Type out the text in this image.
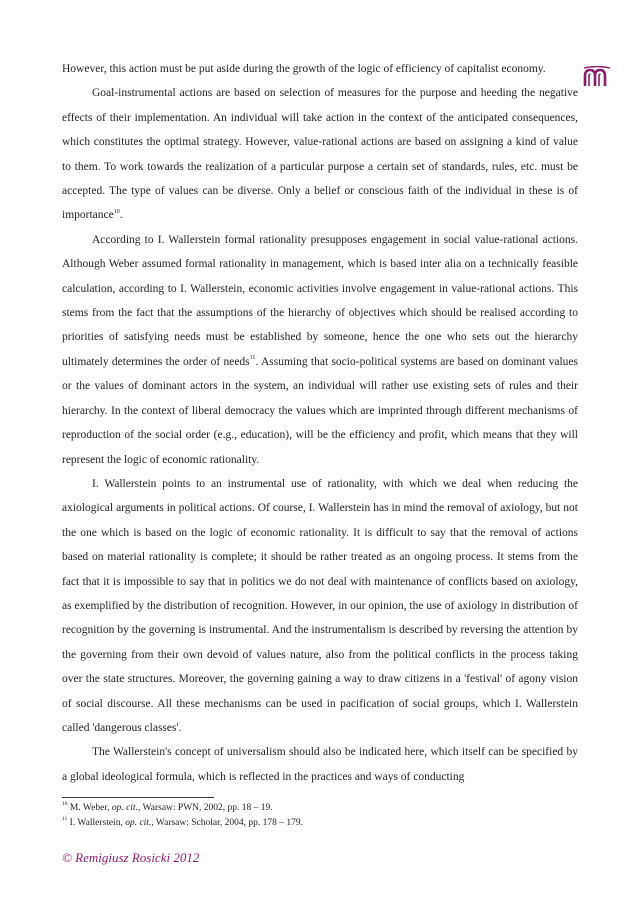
However, this action must be put aside during the growth of the logic of efficiency of capitalist economy.

Goal-instrumental actions are based on selection of measures for the purpose and heeding the negative effects of their implementation. An individual will take action in the context of the anticipated consequences, which constitutes the optimal strategy. However, value-rational actions are based on assigning a kind of value to them. To work towards the realization of a particular purpose a certain set of standards, rules, etc. must be accepted. The type of values can be diverse. Only a belief or conscious faith of the individual in these is of importance$^{10}$.

According to I. Wallerstein formal rationality presupposes engagement in social value-rational actions. Although Weber assumed formal rationality in management, which is based inter alia on a technically feasible calculation, according to I. Wallerstein, economic activities involve engagement in value-rational actions. This stems from the fact that the assumptions of the hierarchy of objectives which should be realised according to priorities of satisfying needs must be established by someone, hence the one who sets out the hierarchy ultimately determines the order of needs$^{11}$. Assuming that socio-political systems are based on dominant values or the values of dominant actors in the system, an individual will rather use existing sets of rules and their hierarchy. In the context of liberal democracy the values which are imprinted through different mechanisms of reproduction of the social order (e.g., education), will be the efficiency and profit, which means that they will represent the logic of economic rationality.

I. Wallerstein points to an instrumental use of rationality, with which we deal when reducing the axiological arguments in political actions. Of course, I. Wallerstein has in mind the removal of axiology, but not the one which is based on the logic of economic rationality. It is difficult to say that the removal of actions based on material rationality is complete; it should be rather treated as an ongoing process. It stems from the fact that it is impossible to say that in politics we do not deal with maintenance of conflicts based on axiology, as exemplified by the distribution of recognition. However, in our opinion, the use of axiology in distribution of recognition by the governing is instrumental. And the instrumentalism is described by reversing the attention by the governing from their own devoid of values nature, also from the political conflicts in the process taking over the state structures. Moreover, the governing gaining a way to draw citizens in a 'festival' of agony vision of social discourse. All these mechanisms can be used in pacification of social groups, which I. Wallerstein called 'dangerous classes'.

The Wallerstein's concept of universalism should also be indicated here, which itself can be specified by a global ideological formula, which is reflected in the practices and ways of conducting

$^{10}$ M. Weber, op. cit., Warsaw: PWN, 2002, pp. 18 – 19.
$^{11}$ I. Wallerstein, op. cit., Warsaw: Scholar, 2004, pp. 178 – 179.
© Remigiusz Rosicki 2012
